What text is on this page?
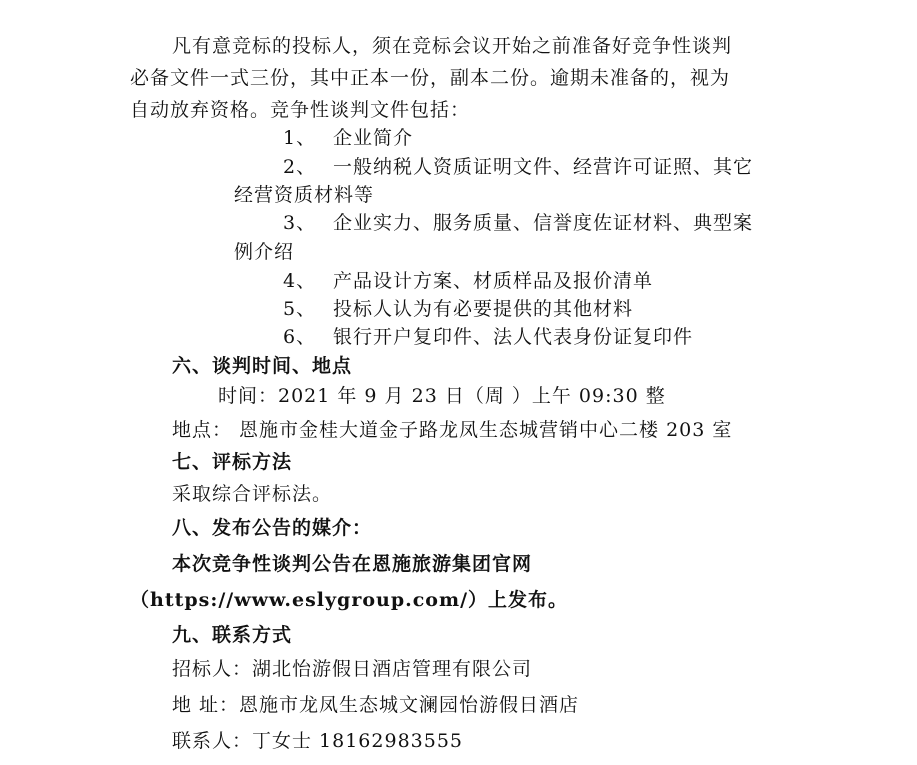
凡有意竞标的投标人，须在竞标会议开始之前准备好竞争性谈判

必备文件一式三份，其中正本一份，副本二份。逾期未准备的，视为

自动放弃资格。竞争性谈判文件包括：

1、 企业简介

2、 一般纳税人资质证明文件、经营许可证照、其它

经营资质材料等

3、 企业实力、服务质量、信誉度佐证材料、典型案

例介绍

4、 产品设计方案、材质样品及报价清单

5、 投标人认为有必要提供的其他材料

6、 银行开户复印件、法人代表身份证复印件

六、谈判时间、地点

时间：2021 年 9 月 23 日（周 ）上午 09:30 整

地点： 恩施市金桂大道金子路龙凤生态城营销中心二楼 203 室

七、评标方法

采取综合评标法。

八、发布公告的媒介：

本次竞争性谈判公告在恩施旅游集团官网

（https://www.eslygroup.com/）上发布。

九、联系方式

招标人：湖北怡游假日酒店管理有限公司

地 址：恩施市龙凤生态城文澜园怡游假日酒店

联系人：丁女士 18162983555
